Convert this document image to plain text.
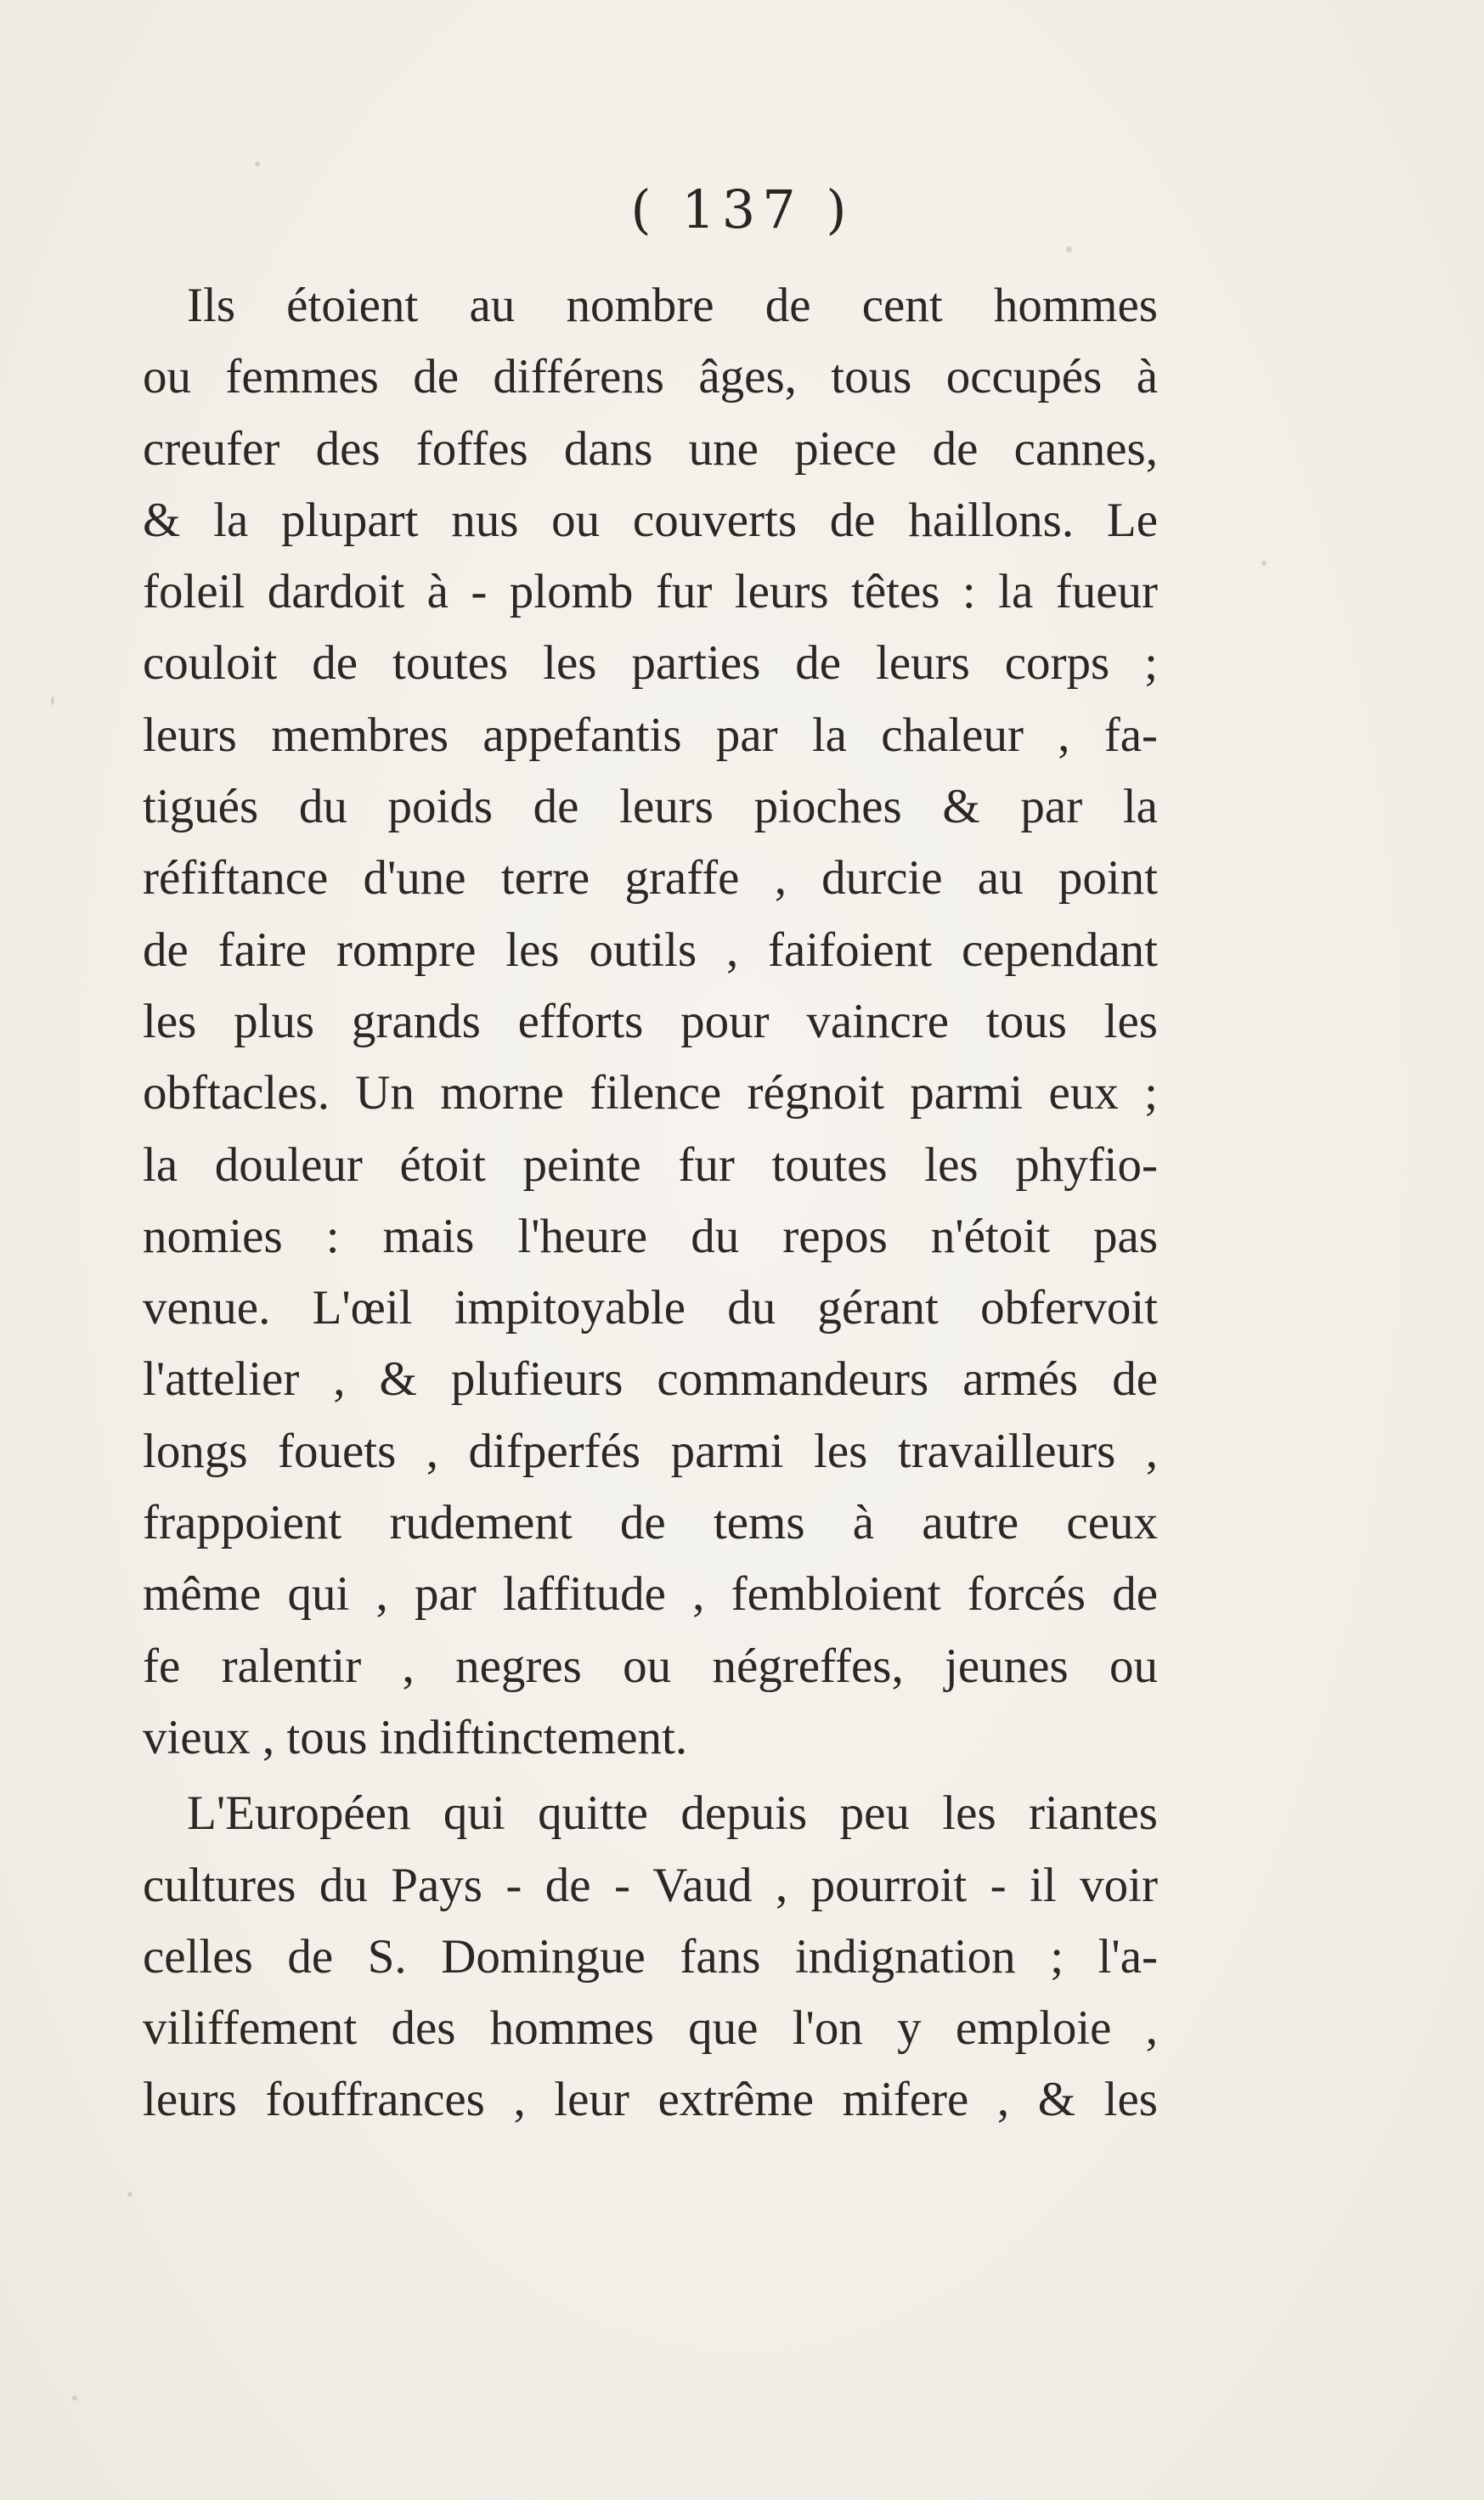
( 137 )
Ils étoient au nombre de cent hommes
ou femmes de différens âges, tous occupés à
creufer des foffes dans une piece de cannes,
& la plupart nus ou couverts de haillons. Le
foleil dardoit à - plomb fur leurs têtes : la fueur
couloit de toutes les parties de leurs corps ;
leurs membres appefantis par la chaleur , fa-
tigués du poids de leurs pioches & par la
réfiftance d'une terre graffe , durcie au point
de faire rompre les outils , faifoient cependant
les plus grands efforts pour vaincre tous les
obftacles. Un morne filence régnoit parmi eux ;
la douleur étoit peinte fur toutes les phyfio-
nomies : mais l'heure du repos n'étoit pas
venue. L'œil impitoyable du gérant obfervoit
l'attelier , & plufieurs commandeurs armés de
longs fouets , difperfés parmi les travailleurs ,
frappoient rudement de tems à autre ceux
même qui , par laffitude , fembloient forcés de
fe ralentir , negres ou négreffes, jeunes ou
vieux , tous indiftinctement.
L'Européen qui quitte depuis peu les riantes
cultures du Pays - de - Vaud , pourroit - il voir
celles de S. Domingue fans indignation ; l'a-
viliffement des hommes que l'on y emploie ,
leurs fouffrances , leur extrême mifere , & les
